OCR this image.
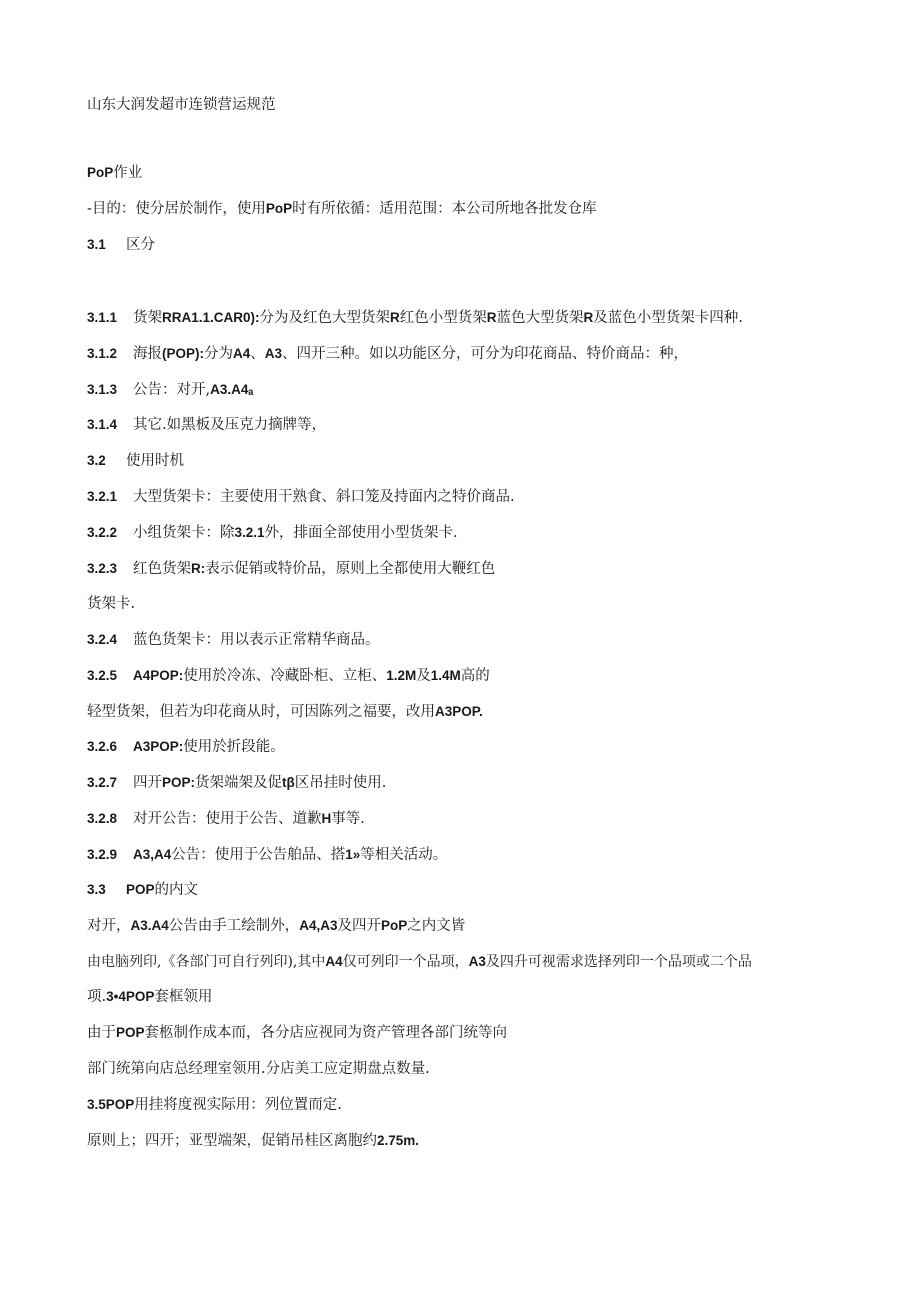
山东大润发超市连锁营运规范
PoP作业
-目的：使分居於制作，使用PoP时有所依循：适用范围：本公司所地各批发仓库
3.1 区分
3.1.1 货架RRA1.1.CAR0):分为及红色大型货架R红色小型货架R蓝色大型货架R及蓝色小型货架卡四种.
3.1.2 海报(POP):分为A4、A3、四开三种。如以功能区分，可分为印花商品、特价商品：种，
3.1.3 公告：对开,A3.A4ₐ
3.1.4 其它.如黑板及压克力摘牌等，
3.2 使用时机
3.2.1 大型货架卡：主要使用干熟食、斜口笼及持面内之特价商品.
3.2.2 小组货架卡：除3.2.1外，排面全部使用小型货架卡.
3.2.3 红色货架R:表示促销或特价品，原则上全都使用大鞭红色
货架卡.
3.2.4 蓝色货架卡：用以表示正常精华商品。
3.2.5 A4POP:使用於冷冻、冷藏卧柜、立柜、1.2M及1.4M高的
轻型货架，但若为印花商从时，可因陈列之福要，改用A3POP.
3.2.6 A3POP:使用於折段能。
3.2.7 四开POP:货架端架及促tβ区吊挂时使用.
3.2.8 对开公告：使用于公告、道歉H事等.
3.2.9 A3,A4公告：使用于公告舶品、搭1»等相关活动。
3.3 POP的内文
对开，A3.A4公告由手工绘制外，A4,A3及四开PoP之内文皆
由电脑列印,《各部门可自行列印),其中A4仅可列印一个品项，A3及四升可视需求选择列印一个品项或二个品
项.3•4POP套框领用
由于POP套柩制作成本而，各分店应视同为资产管理各部门统等向
部门统第向店总经理室领用.分店美工应定期盘点数量.
3.5POP用挂将度视实际用：列位置而定.
原则上；四开；亚型端架，促销吊桂区离胞约2.75m.
